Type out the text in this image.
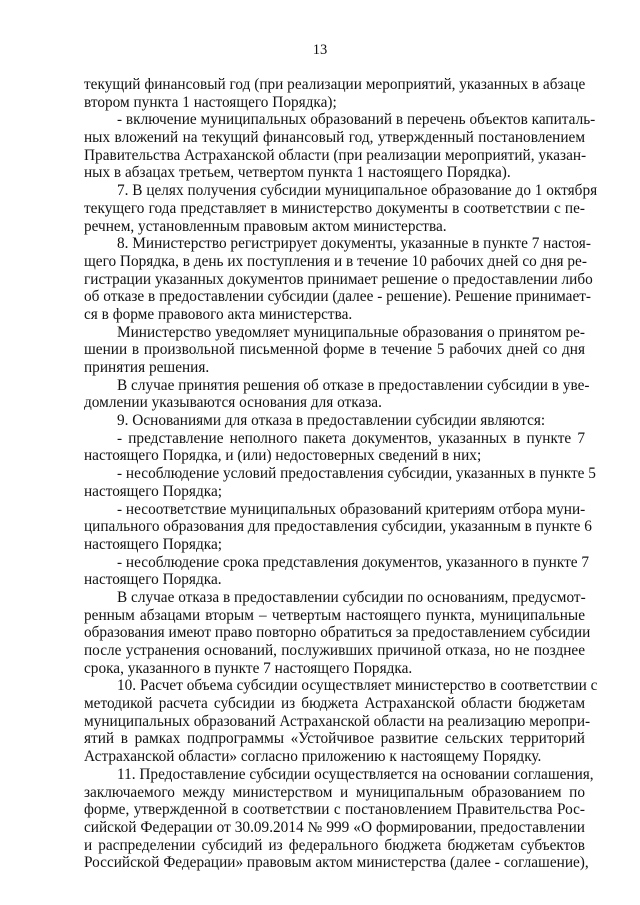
13
текущий финансовый год (при реализации мероприятий, указанных в абзаце
втором пункта 1 настоящего Порядка);
- включение муниципальных образований в перечень объектов капиталь-
ных вложений на текущий финансовый год, утвержденный постановлением
Правительства Астраханской области (при реализации мероприятий, указан-
ных в абзацах третьем, четвертом пункта 1 настоящего Порядка).
7. В целях получения субсидии муниципальное образование до 1 октября
текущего года представляет в министерство документы в соответствии с пе-
речнем, установленным правовым актом министерства.
8. Министерство регистрирует документы, указанные в пункте 7 настоя-
щего Порядка, в день их поступления и в течение 10 рабочих дней со дня ре-
гистрации указанных документов принимает решение о предоставлении либо
об отказе в предоставлении субсидии (далее - решение). Решение принимает-
ся в форме правового акта министерства.
Министерство уведомляет муниципальные образования о принятом ре-
шении в произвольной письменной форме в течение 5 рабочих дней со дня
принятия решения.
В случае принятия решения об отказе в предоставлении субсидии в уве-
домлении указываются основания для отказа.
9. Основаниями для отказа в предоставлении субсидии являются:
- представление неполного пакета документов, указанных в пункте 7
настоящего Порядка, и (или) недостоверных сведений в них;
- несоблюдение условий предоставления субсидии, указанных в пункте 5
настоящего Порядка;
- несоответствие муниципальных образований критериям отбора муни-
ципального образования для предоставления субсидии, указанным в пункте 6
настоящего Порядка;
- несоблюдение срока представления документов, указанного в пункте 7
настоящего Порядка.
В случае отказа в предоставлении субсидии по основаниям, предусмот-
ренным абзацами вторым – четвертым настоящего пункта, муниципальные
образования имеют право повторно обратиться за предоставлением субсидии
после устранения оснований, послуживших причиной отказа, но не позднее
срока, указанного в пункте 7 настоящего Порядка.
10. Расчет объема субсидии осуществляет министерство в соответствии с
методикой расчета субсидии из бюджета Астраханской области бюджетам
муниципальных образований Астраханской области на реализацию меропри-
ятий в рамках подпрограммы «Устойчивое развитие сельских территорий
Астраханской области» согласно приложению к настоящему Порядку.
11. Предоставление субсидии осуществляется на основании соглашения,
заключаемого между министерством и муниципальным образованием по
форме, утвержденной в соответствии с постановлением Правительства Рос-
сийской Федерации от 30.09.2014 № 999 «О формировании, предоставлении
и распределении субсидий из федерального бюджета бюджетам субъектов
Российской Федерации» правовым актом министерства (далее - соглашение),
